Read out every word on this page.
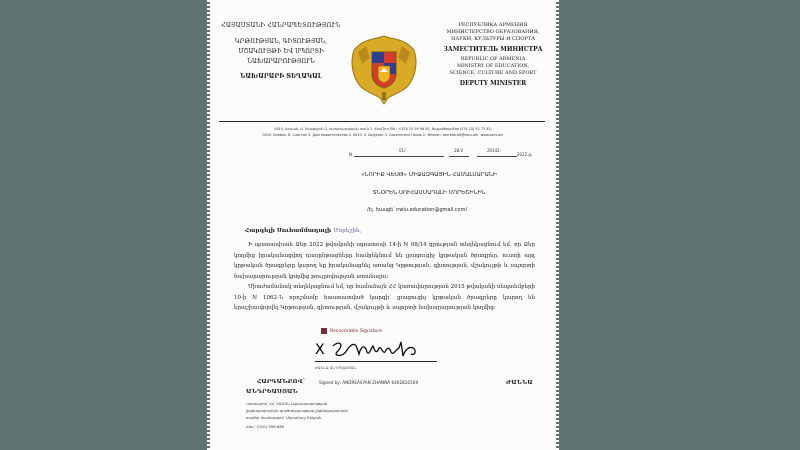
ՀԱՅԱՍՏԱՆԻ ՀԱՆՐԱՊԵՏՈՒԹՅՈՒՆ
ԿՐԹՈՒԹՅԱՆ, ԳԻՏՈՒԹՅԱՆ,
ՄՇԱԿՈՒՅԹԻ ԵՎ ՍՊՈՐՏԻ
ՆԱԽԱՐԱՐՈՒԹՅՈՒՆ
ՆԱԽԱՐԱՐԻ ՏԵՂԱԿԱԼ
РЕСПУБЛИКА АРМЕНИЯ
МИНИСТЕРСТВО ОБРАЗОВАНИЯ,
НАУКИ, КУЛЬТУРЫ И СПОРТА
ЗАМЕСТИТЕЛЬ МИНИСТРА
REPUBLIC OF ARMENIA
MINISTRY OF EDUCATION,
SCIENCE, CULTURE AND SPORT
DEPUTY MINISTER
0010, Երևան, Վ. Սարգսյան 3, Կառավարական տուն 2, Հեռ/Тел./Tel.: +374 10 59 96 00, Ֆաքս/Факс/Fax (374 10) 52 73 43,
0010, Ереван, В. Саргсян 3, Дом правительства 2, 0010, V. Sargsyan 3, Government House 2, Yerevan, secretariat@escs.am, www.escs.am
N
01/	28.V	20142-
2022 թ.
«ՆՈՐԻՔ ՎԵՍԹ» ՄԻՋԱԶԳԱՅԻՆ ՀԱՄԱԼՍԱՐԱՆԻ
ՏՆՕՐԵՆ ՍՈՒՀԱՄՄԱԴԱԼԻ ՄՈՐԵՇԻՆԻՆ
/էլ. հասցե՝ nwiu.education@gmail.com/
Հարգելի Սուհամմադալի Մորեշին,

Ի պատասխան Ձեր 2022 թվականի օգոստոսի 14-ի N 08/14 գրության տեղեկացնում եմ, որ Ձեր կողմից իրականացվող դասընթացները համընկնում են լրացուցիչ կրթական ծրագրեր, ուստի այդ կրթական ծրագրերը կարող եք իրականացնել առանց Կրթության, գիտության, մշակույթի և սպորտի նախարարության կողմից թույլտվության ստանալու:

Միաժամանակ տեղեկացնում եմ, որ համաձայն ՀՀ կառավարության 2015 թվականի սեպտեմբերի 10-ի N 1062-Ն որոշմամբ հաստատված կարգի՝ լրացուցիչ կրթական ծրագրերը կարող են երաշխավորվել Կրթության, գիտության, մշակույթի և սպորտի նախարարության կողմից:

Recoverable Signature
X
ԺԱՆՆԱ ԱՆԴՐԵԱՍՅԱՆ
ՀԱՐԳԱՆՔՈՎ՝	Signed by: ANDREASYAN ZHANNA 6402810169	ԺԱՆՆԱ
ԱՆԴՐԵԱՍՅԱՆ
Կատարող՝ ՀՀ ԿԳՄՍՆ նախարարության
լիցենզավորման գործակալության լիցենզավորման
բաժնի մասնագետ՝ Սիրանուշ Բեկյան
Հեռ.՝ (010) 599-680
